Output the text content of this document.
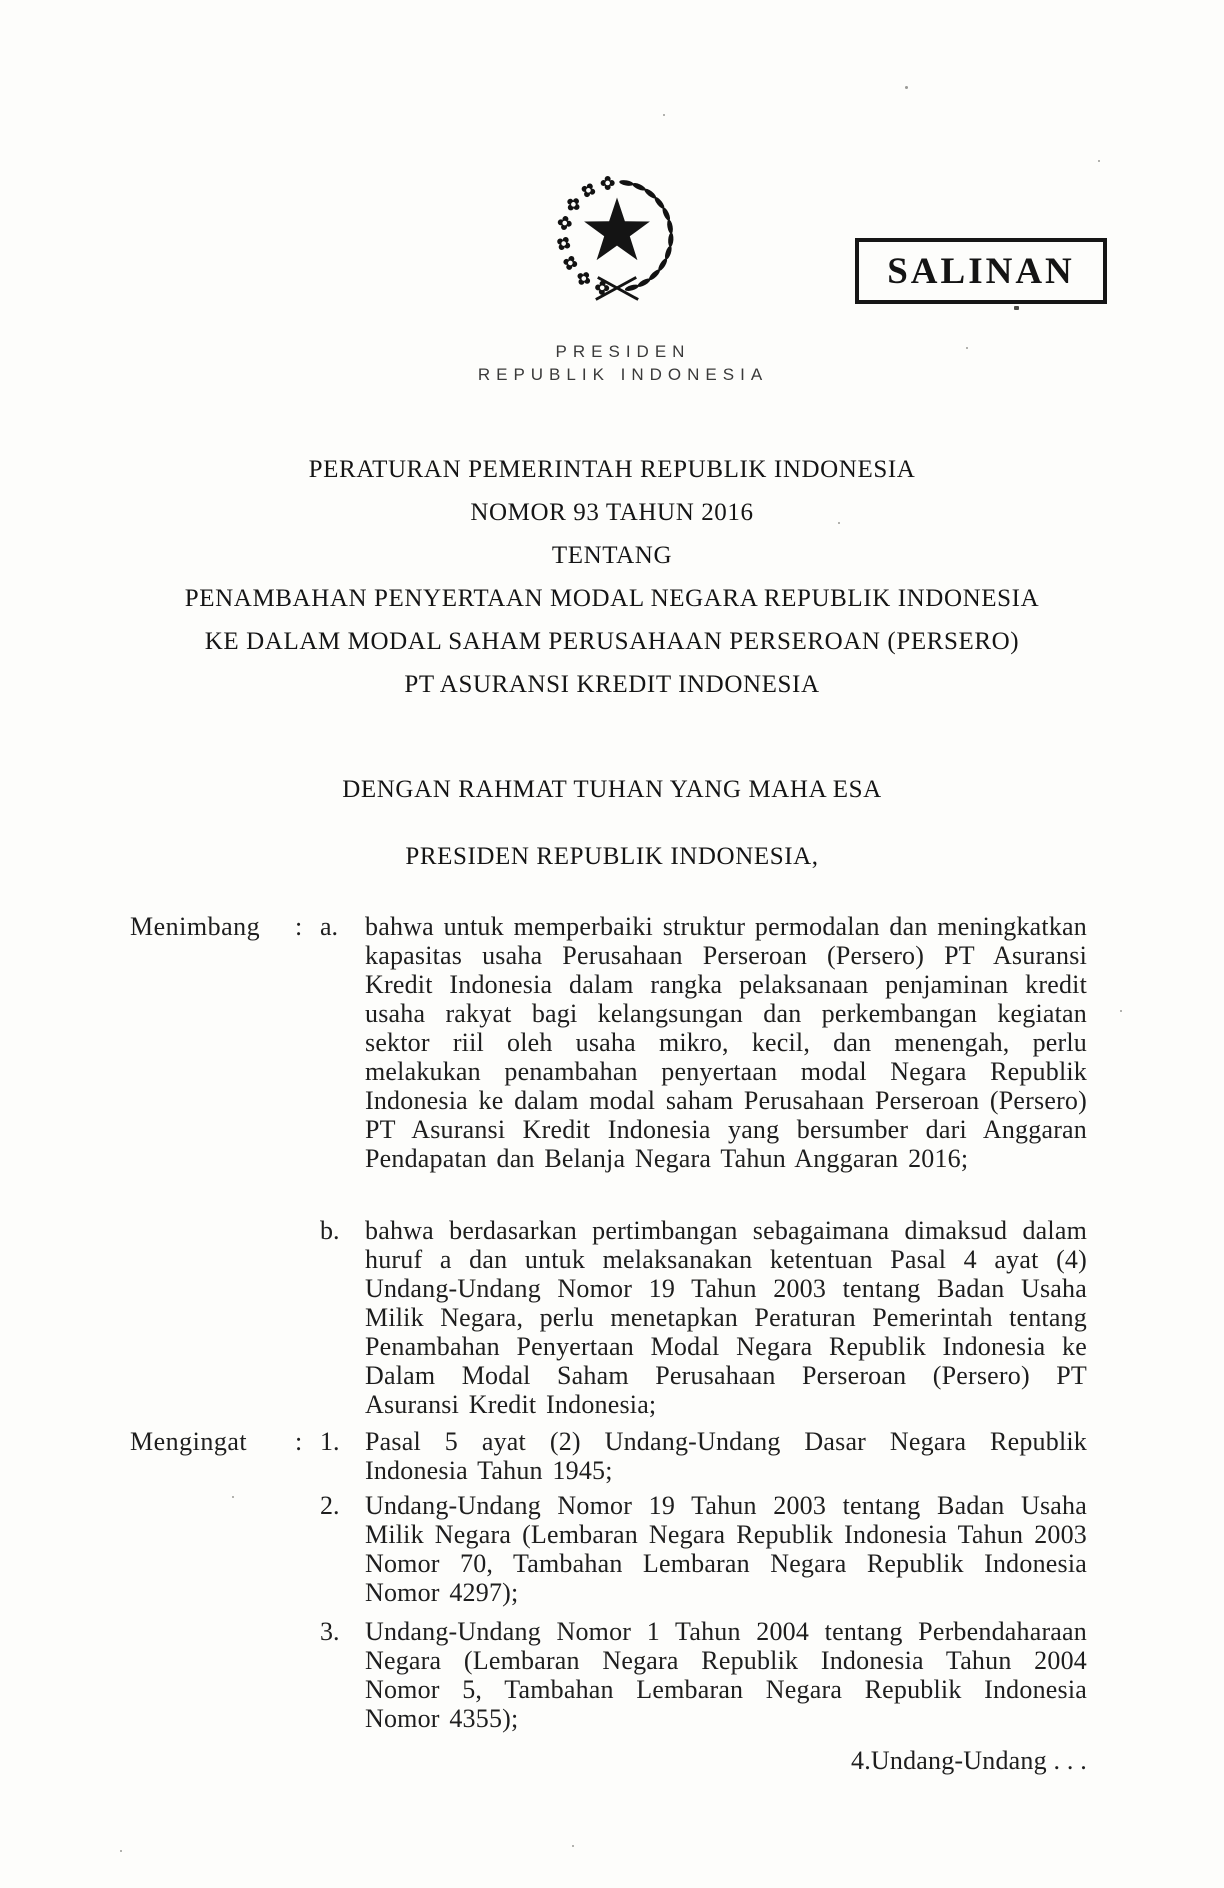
PRESIDEN
REPUBLIK INDONESIA
SALINAN
PERATURAN PEMERINTAH REPUBLIK INDONESIA
NOMOR 93 TAHUN 2016
TENTANG
PENAMBAHAN PENYERTAAN MODAL NEGARA REPUBLIK INDONESIA
KE DALAM MODAL SAHAM PERUSAHAAN PERSEROAN (PERSERO)
PT ASURANSI KREDIT INDONESIA
DENGAN RAHMAT TUHAN YANG MAHA ESA
PRESIDEN REPUBLIK INDONESIA,
Menimbang	: a.	bahwa untuk memperbaiki struktur permodalan dan meningkatkan kapasitas usaha Perusahaan Perseroan (Persero) PT Asuransi Kredit Indonesia dalam rangka pelaksanaan penjaminan kredit usaha rakyat bagi kelangsungan dan perkembangan kegiatan sektor riil oleh usaha mikro, kecil, dan menengah, perlu melakukan penambahan penyertaan modal Negara Republik Indonesia ke dalam modal saham Perusahaan Perseroan (Persero) PT Asuransi Kredit Indonesia yang bersumber dari Anggaran Pendapatan dan Belanja Negara Tahun Anggaran 2016;
b. bahwa berdasarkan pertimbangan sebagaimana dimaksud dalam huruf a dan untuk melaksanakan ketentuan Pasal 4 ayat (4) Undang-Undang Nomor 19 Tahun 2003 tentang Badan Usaha Milik Negara, perlu menetapkan Peraturan Pemerintah tentang Penambahan Penyertaan Modal Negara Republik Indonesia ke Dalam Modal Saham Perusahaan Perseroan (Persero) PT Asuransi Kredit Indonesia;
Mengingat	: 1. Pasal 5 ayat (2) Undang-Undang Dasar Negara Republik Indonesia Tahun 1945;
2. Undang-Undang Nomor 19 Tahun 2003 tentang Badan Usaha Milik Negara (Lembaran Negara Republik Indonesia Tahun 2003 Nomor 70, Tambahan Lembaran Negara Republik Indonesia Nomor 4297);
3. Undang-Undang Nomor 1 Tahun 2004 tentang Perbendaharaan Negara (Lembaran Negara Republik Indonesia Tahun 2004 Nomor 5, Tambahan Lembaran Negara Republik Indonesia Nomor 4355);
4.Undang-Undang . . .
